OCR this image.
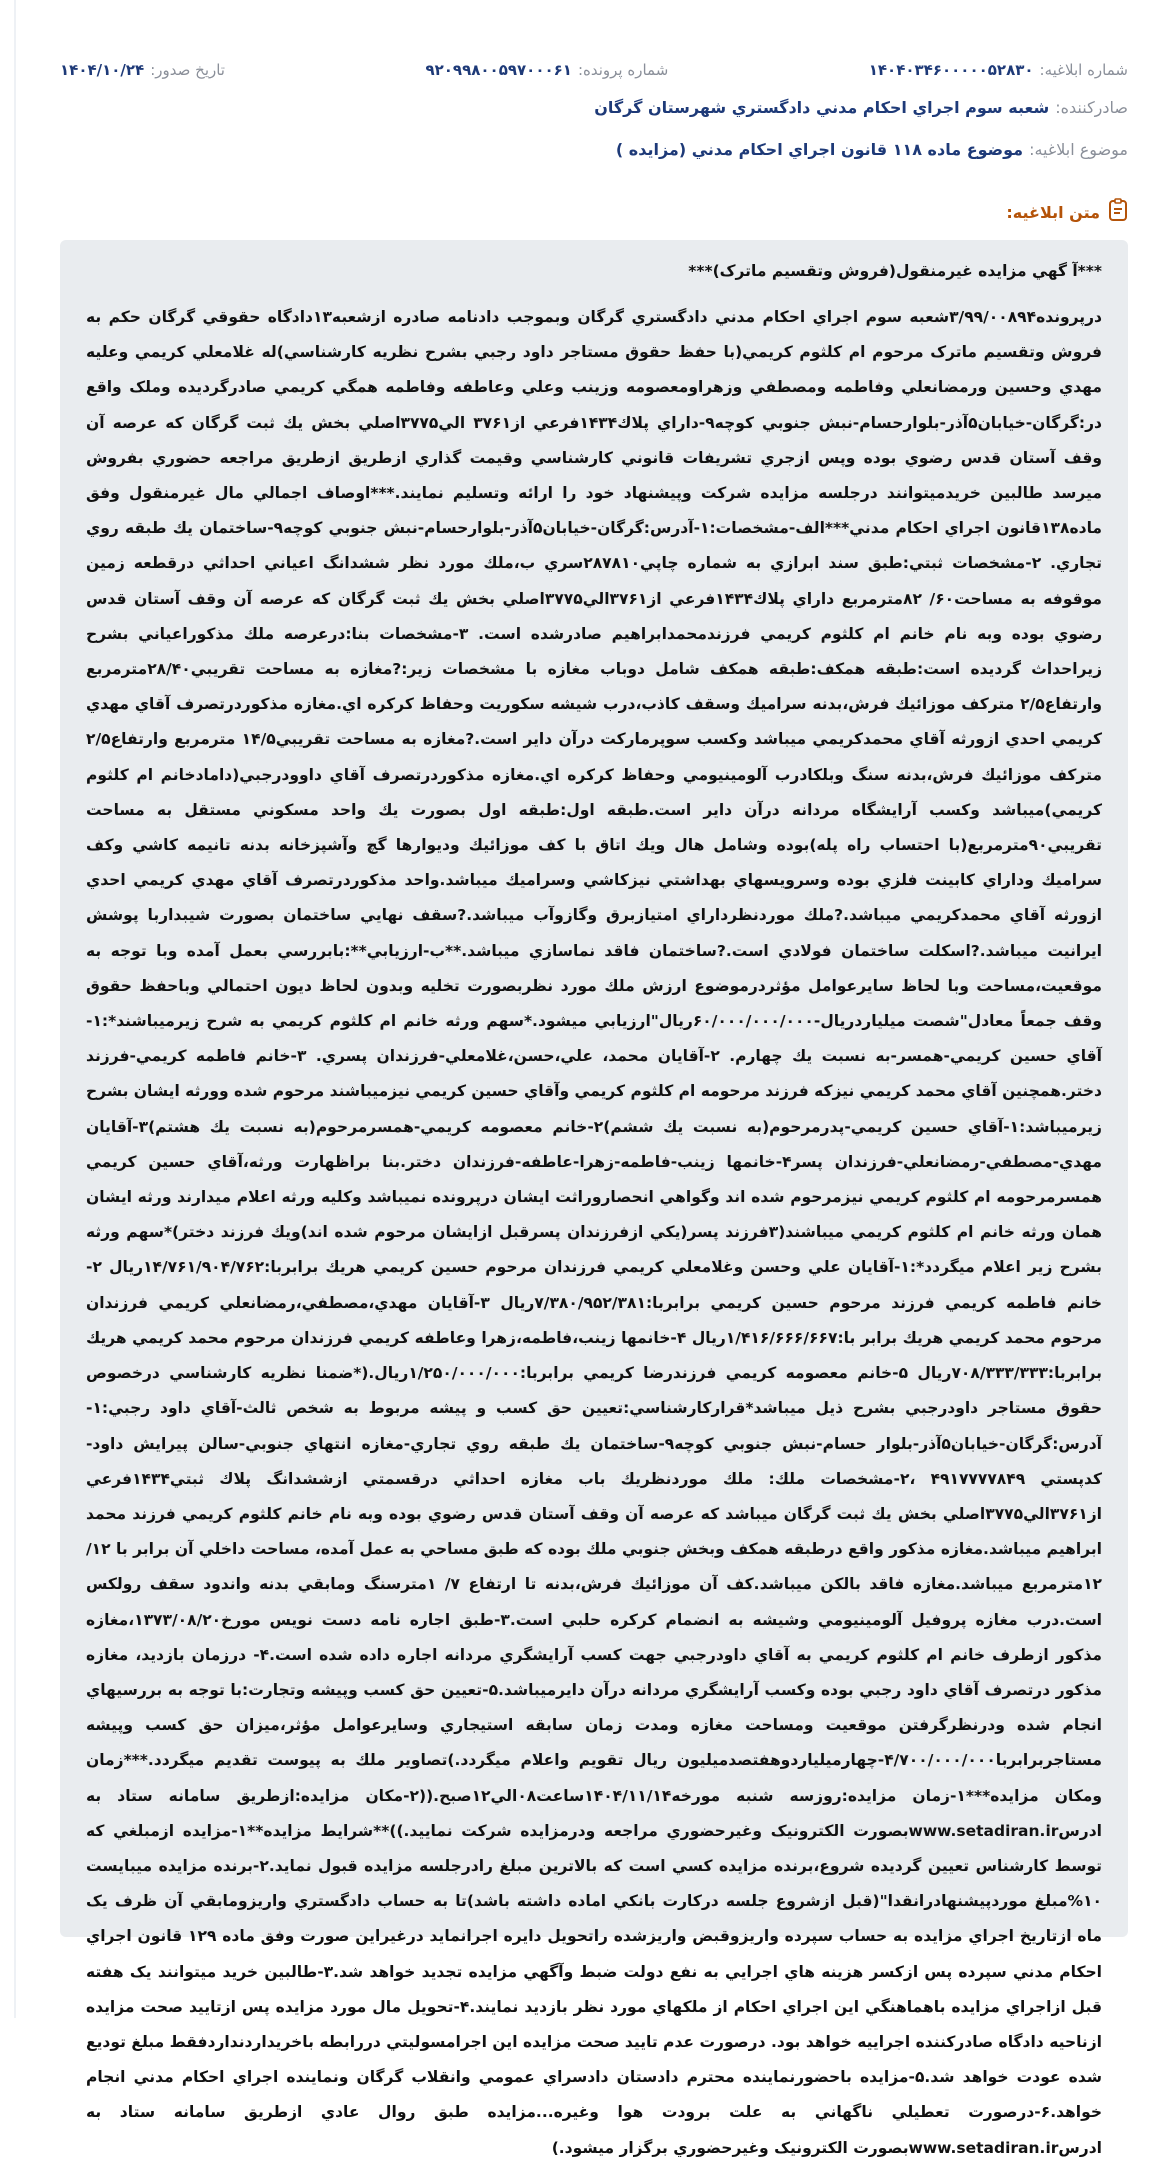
شماره ابلاغیه:
۱۴۰۴۰۳۴۶۰۰۰۰۰۵۲۸۳۰
شماره پرونده:
۹۲۰۹۹۸۰۰۵۹۷۰۰۰۶۱
تاریخ صدور:
۱۴۰۴/۱۰/۲۴
صادرکننده:
شعبه سوم اجراي احكام مدني دادگستري شهرستان گرگان
موضوع ابلاغیه:
موضوع ماده ۱۱۸ قانون اجراي احكام مدني (مزايده )
متن ابلاغیه:
***آ گهي مزايده غيرمنقول(فروش وتقسيم ماترک)***
درپرونده۳/۹۹/۰۰۸۹۴شعبه سوم اجراي احكام مدني دادگستري گرگان وبموجب دادنامه صادره ازشعبه۱۳دادگاه حقوقي گرگان حكم به فروش وتقسيم ماترک مرحوم ام كلثوم كريمي(با حفظ حقوق مستاجر داود رجبي بشرح نظريه كارشناسي)له غلامعلي كريمي وعليه مهدي وحسين ورمضانعلي وفاطمه ومصطفي وزهراومعصومه وزينب وعلي وعاطفه وفاطمه همگي كريمي صادرگرديده وملک واقع در:گرگان-خيابان۵آذر-بلوارحسام-نبش جنوبي كوچه۹-داراي پلاك۱۴۳۴فرعي از۳۷۶۱ الي۳۷۷۵اصلي بخش يك ثبت گرگان كه عرصه آن وقف آستان قدس رضوي بوده وپس ازجري تشريفات قانوني كارشناسي وقيمت گذاري ازطريق ازطريق مراجعه حضوري بفروش ميرسد طالبين خريدميتوانند درجلسه مزايده شركت وپيشنهاد خود را ارائه وتسليم نمايند.***اوصاف اجمالي مال غيرمنقول وفق ماده۱۳۸قانون اجراي احكام مدني***الف-مشخصات:۱-آدرس:گرگان-خيابان۵آذر-بلوارحسام-نبش جنوبي كوچه۹-ساختمان يك طبقه روي تجاري. ۲-مشخصات ثبتي:طبق سند ابرازي به شماره چاپي۲۸۷۸۱۰سري ب،ملك مورد نظر ششدانگ اعياني احداثي درقطعه زمين موقوفه به مساحت۶۰/ ۸۲مترمربع داراي پلاك۱۴۳۴فرعي از۳۷۶۱الي۳۷۷۵اصلي بخش يك ثبت گرگان كه عرصه آن وقف آستان قدس رضوي بوده وبه نام خانم ام كلثوم كريمي فرزندمحمدابراهيم صادرشده است. ۳-مشخصات بنا:درعرصه ملك مذكوراعياني بشرح زيراحداث گرديده است:طبقه همكف:طبقه همكف شامل دوباب مغازه با مشخصات زير:?مغازه به مساحت تقريبي۲۸/۴۰مترمربع وارتفاع۲/۵ متركف موزائيك فرش،بدنه سراميك وسقف كاذب،درب شيشه سكوريت وحفاظ كركره اي.مغازه مذكوردرتصرف آقاي مهدي كريمي احدي ازورثه آقاي محمدكريمي ميباشد وكسب سوپرماركت درآن داير است.?مغازه به مساحت تقريبي۱۴/۵ مترمربع وارتفاع۲/۵ متركف موزائيك فرش،بدنه سنگ وبلكادرب آلومينيومي وحفاظ كركره اي.مغازه مذكوردرتصرف آقاي داوودرجبي(دامادخانم ام كلثوم كريمي)ميباشد وكسب آرايشگاه مردانه درآن داير است.طبقه اول:طبقه اول بصورت يك واحد مسكوني مستقل به مساحت تقريبي۹۰مترمربع(با احتساب راه پله)بوده وشامل هال ويك اتاق با كف موزائيك وديوارها گچ وآشپزخانه بدنه تانيمه كاشي وكف سراميك وداراي كابينت فلزي بوده وسرويسهاي بهداشتي نيزكاشي وسراميك ميباشد.واحد مذكوردرتصرف آقاي مهدي كريمي احدي ازورثه آقاي محمدكريمي ميباشد.?ملك موردنظرداراي امتيازبرق وگازوآب ميباشد.?سقف نهايي ساختمان بصورت شيبداربا پوشش ايرانيت ميباشد.?اسكلت ساختمان فولادي است.?ساختمان فاقد نماسازي ميباشد.**ب-ارزيابي**:بابررسي بعمل آمده وبا توجه به موقعيت،مساحت وبا لحاظ سايرعوامل مؤثردرموضوع ارزش ملك مورد نظربصورت تخليه وبدون لحاظ ديون احتمالي وباحفظ حقوق وقف جمعاً معادل"شصت ميلياردريال-۶۰/۰۰۰/۰۰۰/۰۰۰ريال"ارزيابي ميشود.*سهم ورثه خانم ام كلثوم كريمي به شرح زيرميباشند*:۱-آقاي حسين كريمي-همسر-به نسبت يك چهارم. ۲-آقايان محمد، علي،حسن،غلامعلي-فرزندان پسري. ۳-خانم فاطمه كريمي-فرزند دختر.همچنين آقاي محمد كريمي نيزكه فرزند مرحومه ام كلثوم كريمي وآقاي حسين كريمي نيزميباشند مرحوم شده وورثه ايشان بشرح زيرميباشد:۱-آقاي حسين كريمي-پدرمرحوم(به نسبت يك ششم)۲-خانم معصومه كريمي-همسرمرحوم(به نسبت يك هشتم)۳-آقايان مهدي-مصطفي-رمضانعلي-فرزندان پسر۴-خانمها زينب-فاطمه-زهرا-عاطفه-فرزندان دختر.بنا براظهارت ورثه،آقاي حسين كريمي همسرمرحومه ام كلثوم كريمي نيزمرحوم شده اند وگواهي انحصاروراثت ايشان درپرونده نميباشد وكليه ورثه اعلام ميدارند ورثه ايشان همان ورثه خانم ام كلثوم كريمي ميباشند(۳فرزند پسر(يكي ازفرزندان پسرقبل ازايشان مرحوم شده اند)ويك فرزند دختر)*سهم ورثه بشرح زير اعلام ميگردد*:۱-آقايان علي وحسن وغلامعلي كريمي فرزندان مرحوم حسين كريمي هريك برابربا:۱۴/۷۶۱/۹۰۴/۷۶۲ريال ۲-خانم فاطمه كريمي فرزند مرحوم حسين كريمي برابربا:۷/۳۸۰/۹۵۲/۳۸۱ريال ۳-آقايان مهدي،مصطفي،رمضانعلي كريمي فرزندان مرحوم محمد كريمي هريك برابر با:۱/۴۱۶/۶۶۶/۶۶۷ريال ۴-خانمها زينب،فاطمه،زهرا وعاطفه كريمي فرزندان مرحوم محمد كريمي هريك برابربا:۷۰۸/۳۳۳/۳۳۳ريال ۵-خانم معصومه كريمي فرزندرضا كريمي برابربا:۱/۲۵۰/۰۰۰/۰۰۰ريال.(*ضمنا نظريه كارشناسي درخصوص حقوق مستاجر داودرجبي بشرح ذيل ميباشد*قرارکارشناسي:تعيين حق كسب و پيشه مربوط به شخص ثالث-آقاي داود رجبي:۱- آدرس:گرگان-خيابان۵آذر-بلوار حسام-نبش جنوبي كوچه۹-ساختمان يك طبقه روي تجاري-مغازه انتهاي جنوبي-سالن پيرايش داود-كدپستي ۴۹۱۷۷۷۷۸۴۹ ،۲-مشخصات ملك: ملك موردنظريك باب مغازه احداثي درقسمتي ازششدانگ پلاك ثبتي۱۴۳۴فرعي از۳۷۶۱الي۳۷۷۵اصلي بخش يك ثبت گرگان ميباشد كه عرصه آن وقف آستان قدس رضوي بوده وبه نام خانم كلثوم كريمي فرزند محمد ابراهيم ميباشد.مغازه مذكور واقع درطبقه همكف وبخش جنوبي ملك بوده كه طبق مساحي به عمل آمده، مساحت داخلي آن برابر با ۱۲/ ۱۲مترمربع ميباشد.مغازه فاقد بالكن ميباشد.كف آن موزائيك فرش،بدنه تا ارتفاع ۷/ ۱مترسنگ ومابقي بدنه واندود سقف رولكس است.درب مغازه پروفيل آلومينيومي وشيشه به انضمام كركره حلبي است.۳-طبق اجاره نامه دست نويس مورخ۱۳۷۳/۰۸/۲۰،مغازه مذكور ازطرف خانم ام كلثوم كريمي به آقاي داودرجبي جهت كسب آرايشگري مردانه اجاره داده شده است.۴- درزمان بازديد، مغازه مذكور درتصرف آقاي داود رجبي بوده وكسب آرايشگري مردانه درآن دايرميباشد.۵-تعيين حق كسب وپيشه وتجارت:با توجه به بررسيهاي انجام شده ودرنظرگرفتن موقعيت ومساحت مغازه ومدت زمان سابقه استيجاري وسايرعوامل مؤثر،ميزان حق كسب وپيشه مستاجربرابربا۴/۷۰۰/۰۰۰/۰۰۰-چهارميلياردوهفتصدميليون ريال تقويم واعلام ميگردد.)تصاوير ملك به پيوست تقديم ميگردد.***زمان ومكان مزايده***۱-زمان مزايده:روزسه شنبه مورخه۱۴۰۴/۱۱/۱۴ساعت۰۸الي۱۲صبح.((۲-مكان مزايده:ازطريق سامانه ستاد به ادرسwww.setadiran.irبصورت الكترونيک وغيرحضوري مراجعه ودرمزايده شركت نماييد.))**شرايط مزايده**۱-مزايده ازمبلغي كه توسط كارشناس تعيين گرديده شروع،برنده مزايده كسي است كه بالاترين مبلغ رادرجلسه مزايده قبول نمايد.۲-برنده مزايده ميبايست ۱۰%مبلغ موردپيشنهادرانقدا"(قبل ازشروع جلسه دركارت بانكي اماده داشته باشد)تا به حساب دادگستري واريزومابقي آن ظرف يک ماه ازتاريخ اجراي مزايده به حساب سپرده واريزوقبض واريزشده راتحويل دايره اجرانمايد درغيراين صورت وفق ماده ۱۲۹ قانون اجراي احكام مدني سپرده پس ازكسر هزينه هاي اجرايي به نفع دولت ضبط وآگهي مزايده تجديد خواهد شد.۳-طالبين خريد ميتوانند يک هفته قبل ازاجراي مزايده باهماهنگي اين اجراي احكام از ملكهاي مورد نظر بازديد نمايند.۴-تحويل مال مورد مزايده پس ازتاييد صحت مزايده ازناحيه دادگاه صادركننده اجراييه خواهد بود. درصورت عدم تاييد صحت مزايده اين اجرامسوليتي دررابطه باخريداردنداردفقط مبلغ توديع شده عودت خواهد شد.۵-مزايده باحضورنماينده محترم دادستان دادسراي عمومي وانقلاب گرگان ونماينده اجراي احكام مدني انجام خواهد.۶-درصورت تعطيلي ناگهاني به علت برودت هوا وغيره...مزايده طبق روال عادي ازطريق سامانه ستاد به ادرسwww.setadiran.irبصورت الكترونيک وغيرحضوري برگزار ميشود.)
